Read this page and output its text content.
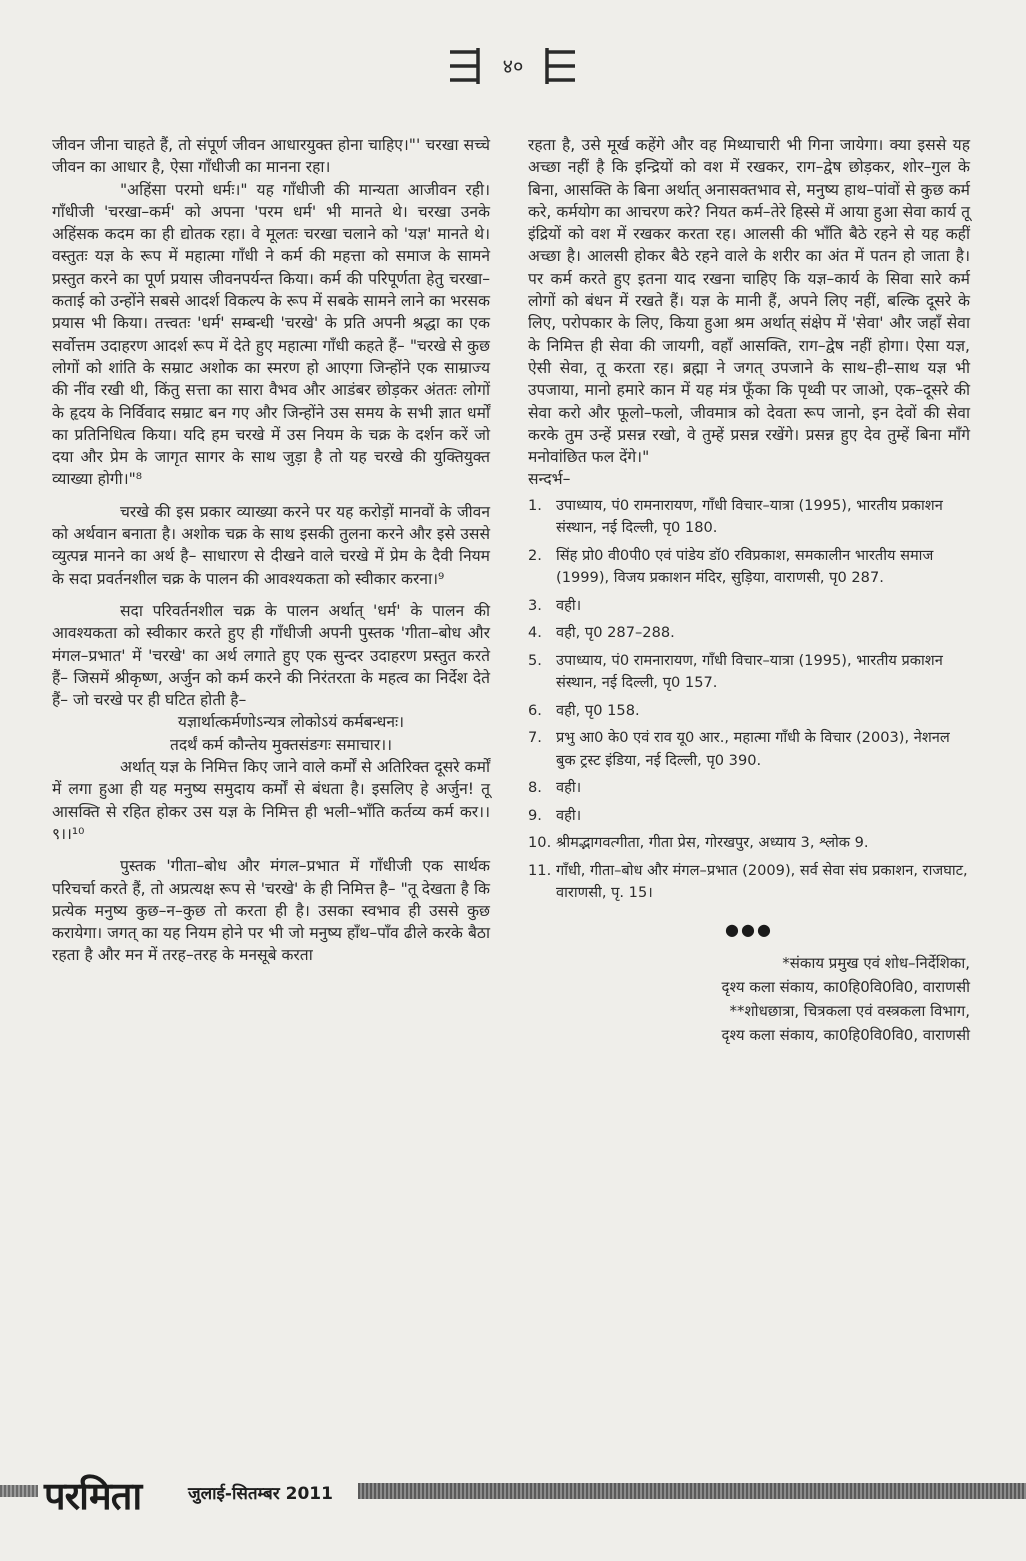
४०

जीवन जीना चाहते हैं, तो संपूर्ण जीवन आधारयुक्त होना चाहिए।"' चरखा सच्चे जीवन का आधार है, ऐसा गाँधीजी का मानना रहा।

"अहिंसा परमो धर्मः।" यह गाँधीजी की मान्यता आजीवन रही। गाँधीजी 'चरखा–कर्म' को अपना 'परम धर्म' भी मानते थे। चरखा उनके अहिंसक कदम का ही द्योतक रहा। वे मूलतः चरखा चलाने को 'यज्ञ' मानते थे। वस्तुतः यज्ञ के रूप में महात्मा गाँधी ने कर्म की महत्ता को समाज के सामने प्रस्तुत करने का पूर्ण प्रयास जीवनपर्यन्त किया। कर्म की परिपूर्णता हेतु चरखा–कताई को उन्होंने सबसे आदर्श विकल्प के रूप में सबके सामने लाने का भरसक प्रयास भी किया। तत्त्वतः 'धर्म' सम्बन्धी 'चरखे' के प्रति अपनी श्रद्धा का एक सर्वोत्तम उदाहरण आदर्श रूप में देते हुए महात्मा गाँधी कहते हैं– "चरखे से कुछ लोगों को शांति के सम्राट अशोक का स्मरण हो आएगा जिन्होंने एक साम्राज्य की नींव रखी थी, किंतु सत्ता का सारा वैभव और आडंबर छोड़कर अंततः लोगों के हृदय के निर्विवाद सम्राट बन गए और जिन्होंने उस समय के सभी ज्ञात धर्मों का प्रतिनिधित्व किया। यदि हम चरखे में उस नियम के चक्र के दर्शन करें जो दया और प्रेम के जागृत सागर के साथ जुड़ा है तो यह चरखे की युक्तियुक्त व्याख्या होगी।"⁸

चरखे की इस प्रकार व्याख्या करने पर यह करोड़ों मानवों के जीवन को अर्थवान बनाता है। अशोक चक्र के साथ इसकी तुलना करने और इसे उससे व्युत्पन्न मानने का अर्थ है– साधारण से दीखने वाले चरखे में प्रेम के दैवी नियम के सदा प्रवर्तनशील चक्र के पालन की आवश्यकता को स्वीकार करना।⁹

सदा परिवर्तनशील चक्र के पालन अर्थात् 'धर्म' के पालन की आवश्यकता को स्वीकार करते हुए ही गाँधीजी अपनी पुस्तक 'गीता–बोध और मंगल–प्रभात' में 'चरखे' का अर्थ लगाते हुए एक सुन्दर उदाहरण प्रस्तुत करते हैं– जिसमें श्रीकृष्ण, अर्जुन को कर्म करने की निरंतरता के महत्व का निर्देश देते हैं– जो चरखे पर ही घटित होती है–

यज्ञार्थात्कर्मणोऽन्यत्र लोकोऽयं कर्मबन्धनः।

तदर्थं कर्म कौन्तेय मुक्तसंङगः समाचार।।

अर्थात् यज्ञ के निमित्त किए जाने वाले कर्मों से अतिरिक्त दूसरे कर्मों में लगा हुआ ही यह मनुष्य समुदाय कर्मों से बंधता है। इसलिए हे अर्जुन! तू आसक्ति से रहित होकर उस यज्ञ के निमित्त ही भली–भाँति कर्तव्य कर्म कर।।९।।¹⁰

पुस्तक 'गीता–बोध और मंगल–प्रभात में गाँधीजी एक सार्थक परिचर्चा करते हैं, तो अप्रत्यक्ष रूप से 'चरखे' के ही निमित्त है– "तू देखता है कि प्रत्येक मनुष्य कुछ–न–कुछ तो करता ही है। उसका स्वभाव ही उससे कुछ करायेगा। जगत् का यह नियम होने पर भी जो मनुष्य हाँथ–पाँव ढीले करके बैठा रहता है और मन में तरह–तरह के मनसूबे करता

रहता है, उसे मूर्ख कहेंगे और वह मिथ्याचारी भी गिना जायेगा। क्या इससे यह अच्छा नहीं है कि इन्द्रियों को वश में रखकर, राग–द्वेष छोड़कर, शोर–गुल के बिना, आसक्ति के बिना अर्थात् अनासक्तभाव से, मनुष्य हाथ–पांवों से कुछ कर्म करे, कर्मयोग का आचरण करे? नियत कर्म–तेरे हिस्से में आया हुआ सेवा कार्य तू इंद्रियों को वश में रखकर करता रह। आलसी की भाँति बैठे रहने से यह कहीं अच्छा है। आलसी होकर बैठे रहने वाले के शरीर का अंत में पतन हो जाता है। पर कर्म करते हुए इतना याद रखना चाहिए कि यज्ञ–कार्य के सिवा सारे कर्म लोगों को बंधन में रखते हैं। यज्ञ के मानी हैं, अपने लिए नहीं, बल्कि दूसरे के लिए, परोपकार के लिए, किया हुआ श्रम अर्थात् संक्षेप में 'सेवा' और जहाँ सेवा के निमित्त ही सेवा की जायगी, वहाँ आसक्ति, राग–द्वेष नहीं होगा। ऐसा यज्ञ, ऐसी सेवा, तू करता रह। ब्रह्मा ने जगत् उपजाने के साथ–ही–साथ यज्ञ भी उपजाया, मानो हमारे कान में यह मंत्र फूँका कि पृथ्वी पर जाओ, एक–दूसरे की सेवा करो और फूलो–फलो, जीवमात्र को देवता रूप जानो, इन देवों की सेवा करके तुम उन्हें प्रसन्न रखो, वे तुम्हें प्रसन्न रखेंगे। प्रसन्न हुए देव तुम्हें बिना माँगे मनोवांछित फल देंगे।"

सन्दर्भ–

1. उपाध्याय, पं0 रामनारायण, गाँधी विचार–यात्रा (1995), भारतीय प्रकाशन संस्थान, नई दिल्ली, पृ0 180.
2. सिंह प्रो0 वी0पी0 एवं पांडेय डॉ0 रविप्रकाश, समकालीन भारतीय समाज (1999), विजय प्रकाशन मंदिर, सुड़िया, वाराणसी, पृ0 287.
3. वही।
4. वही, पृ0 287–288.
5. उपाध्याय, पं0 रामनारायण, गाँधी विचार–यात्रा (1995), भारतीय प्रकाशन संस्थान, नई दिल्ली, पृ0 157.
6. वही, पृ0 158.
7. प्रभु आ0 के0 एवं राव यू0 आर., महात्मा गाँधी के विचार (2003), नेशनल बुक ट्रस्ट इंडिया, नई दिल्ली, पृ0 390.
8. वही।
9. वही।
10. श्रीमद्भागवत्गीता, गीता प्रेस, गोरखपुर, अध्याय 3, श्लोक 9.
11. गाँधी, गीता–बोध और मंगल–प्रभात (2009), सर्व सेवा संघ प्रकाशन, राजघाट, वाराणसी, पृ. 15।
●●●
*संकाय प्रमुख एवं शोध–निर्देशिका,
दृश्य कला संकाय, का0हि0वि0वि0, वाराणसी
**शोधछात्रा, चित्रकला एवं वस्त्रकला विभाग,
दृश्य कला संकाय, का0हि0वि0वि0, वाराणसी
परमिता	जुलाई-सितम्बर 2011
